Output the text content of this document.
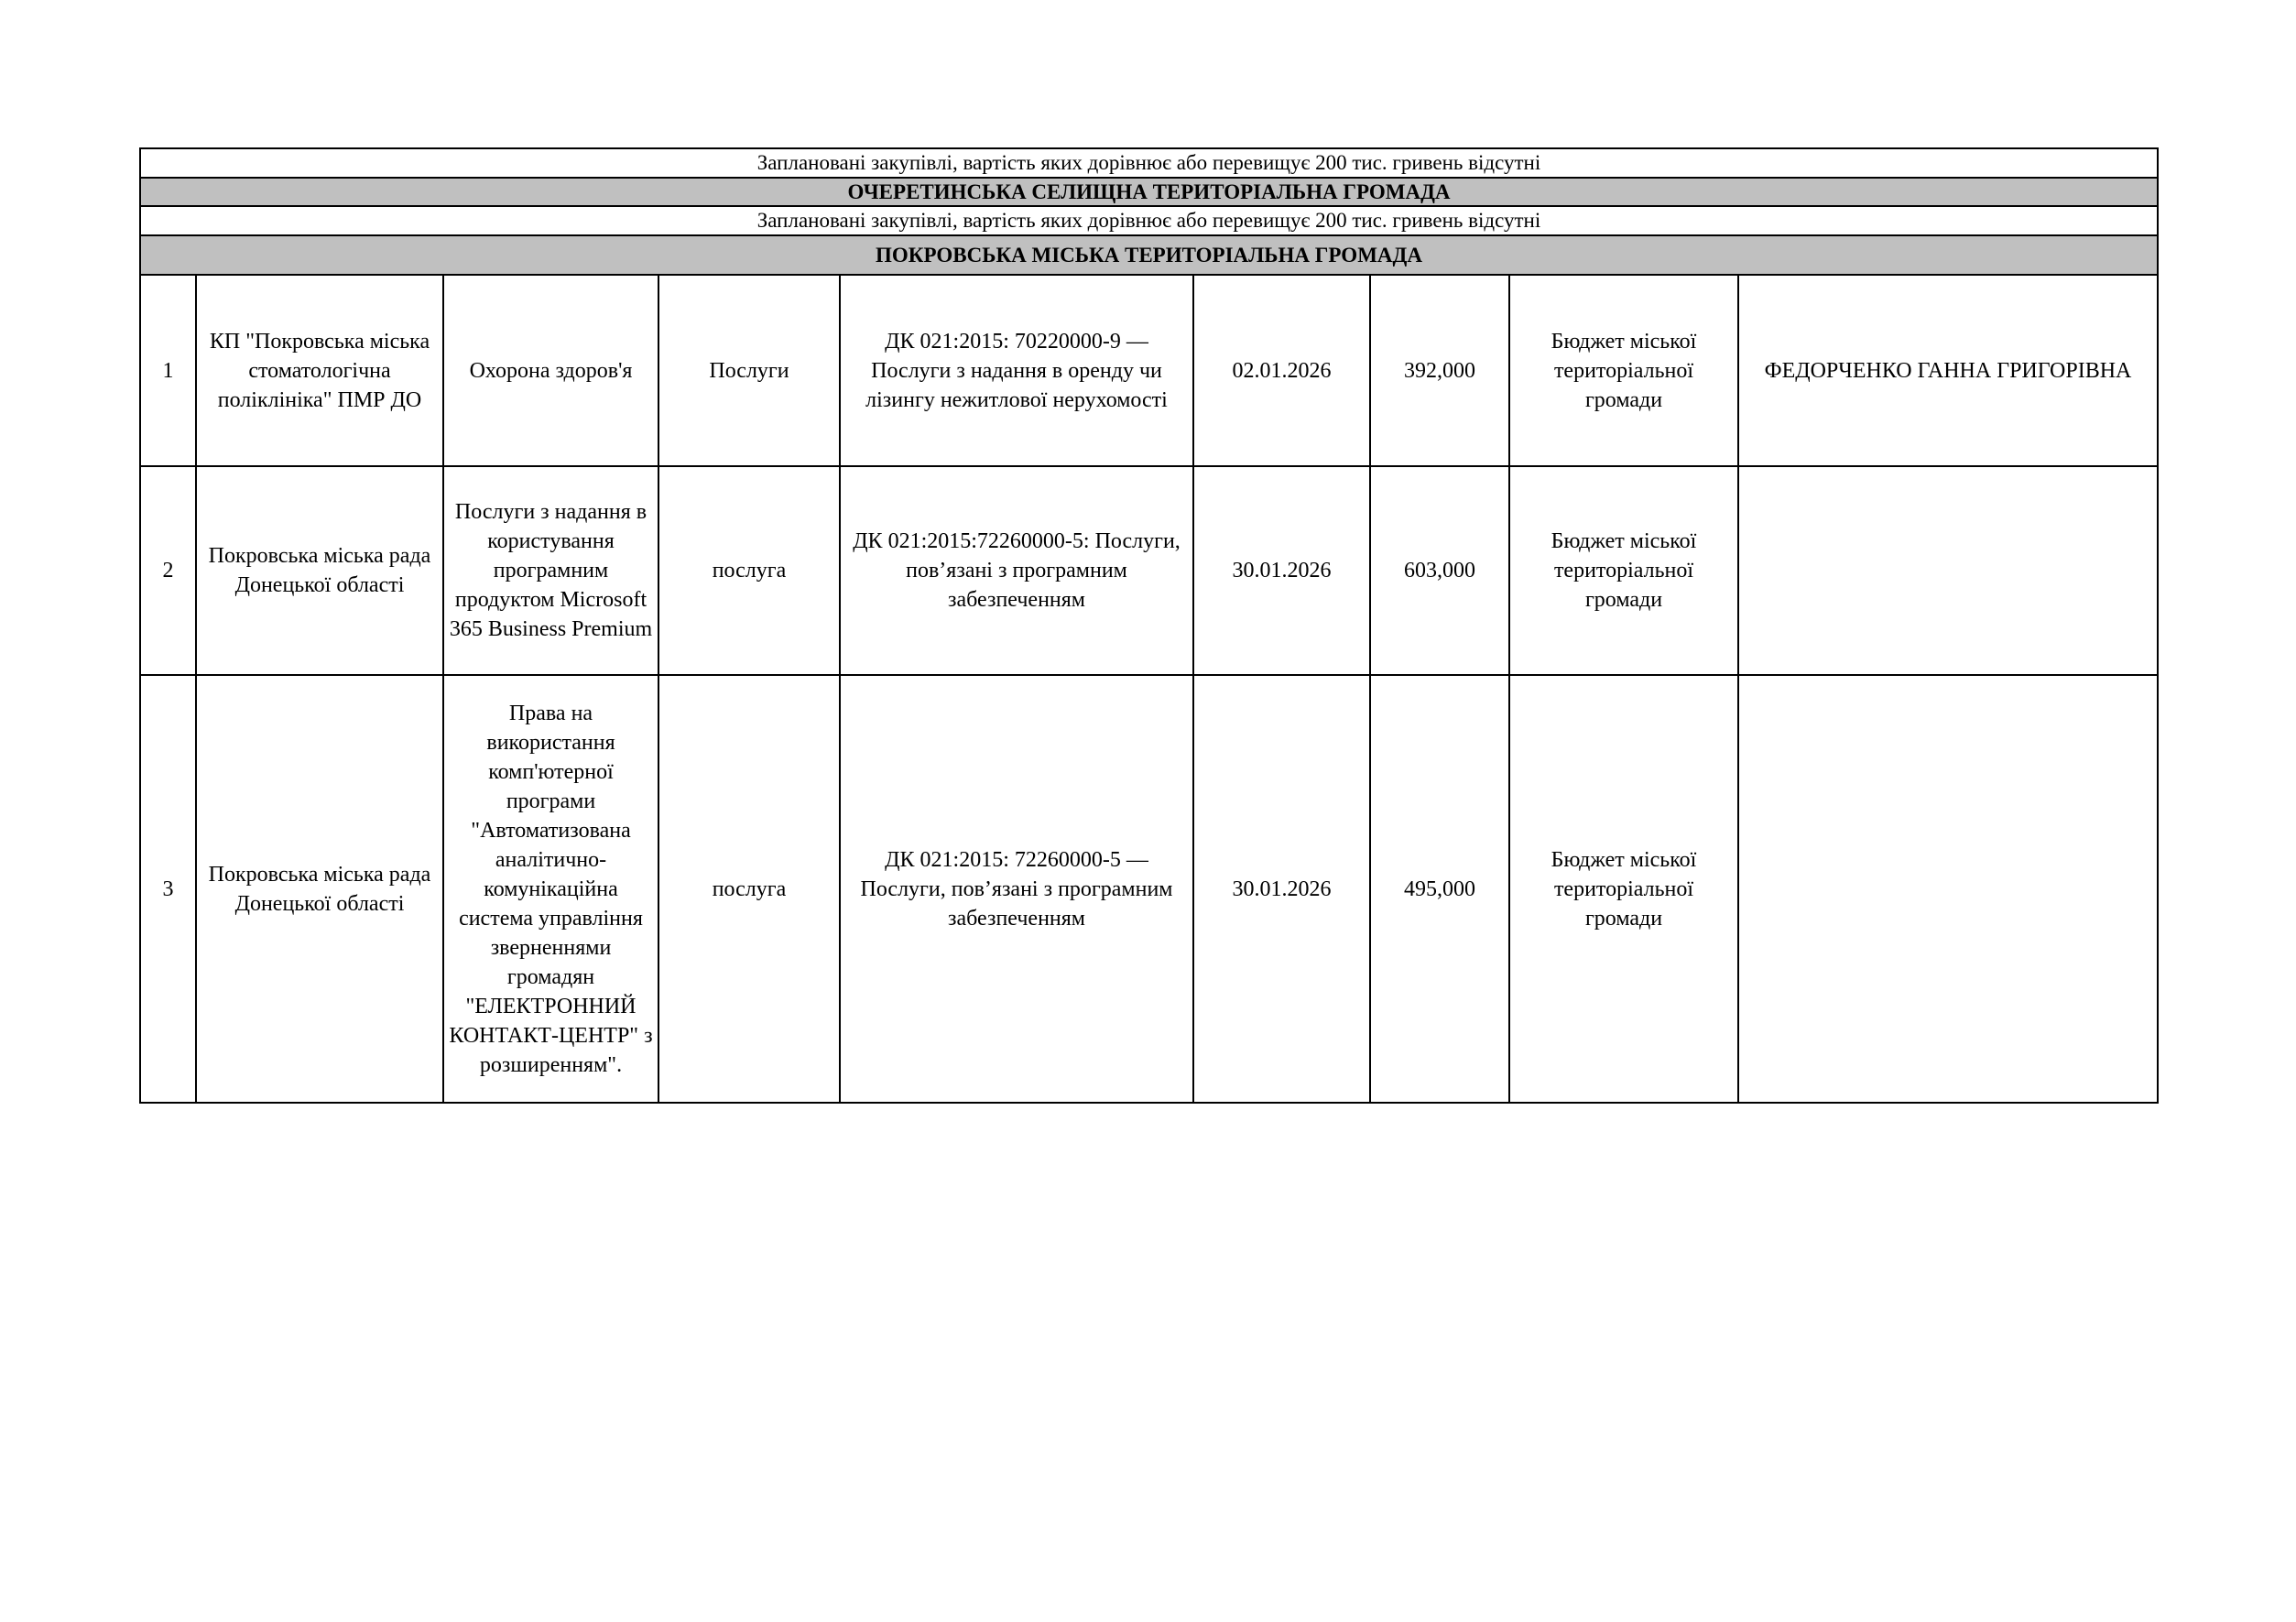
Заплановані закупівлі, вартість яких дорівнює або перевищує 200 тис. гривень відсутні								
ОЧЕРЕТИНСЬКА СЕЛИЩНА ТЕРИТОРІАЛЬНА ГРОМАДА								
Заплановані закупівлі, вартість яких дорівнює або перевищує 200 тис. гривень відсутні								
ПОКРОВСЬКА МІСЬКА ТЕРИТОРІАЛЬНА ГРОМАДА								
1	КП "Покровська міська стоматологічна поліклініка" ПМР ДО	Охорона здоров'я	Послуги	ДК 021:2015: 70220000-9 — Послуги з надання в оренду чи лізингу нежитлової нерухомості	02.01.2026	392,000	Бюджет міської територіальної громади	ФЕДОРЧЕНКО ГАННА ГРИГОРІВНА
2	Покровська міська рада Донецької області	Послуги з надання в користування програмним продуктом Microsoft 365 Business Premium	послуга	ДК 021:2015:72260000-5: Послуги, пов’язані з програмним забезпеченням	30.01.2026	603,000	Бюджет міської територіальної громади	
3	Покровська міська рада Донецької області	Права на використання комп'ютерної програми "Автоматизована аналітично-комунікаційна система управління зверненнями громадян "ЕЛЕКТРОННИЙ КОНТАКТ-ЦЕНТР" з розширенням".	послуга	ДК 021:2015: 72260000-5 — Послуги, пов’язані з програмним забезпеченням	30.01.2026	495,000	Бюджет міської територіальної громади	
